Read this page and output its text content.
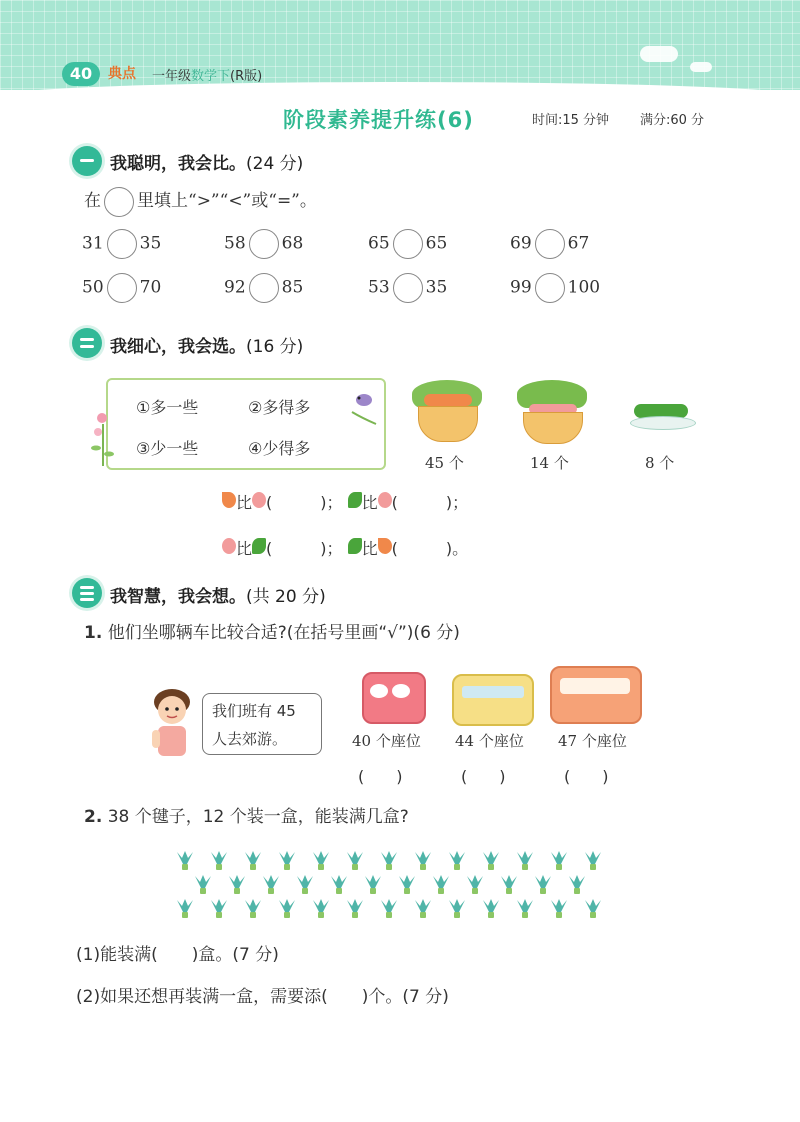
40	典点 一年级数学下(R版)
阶段素养提升练(6)	时间:15 分钟 满分:60 分
我聪明，我会比。(24 分)
在 里填上“>”“<”或“=”。
31 35	58 68	65 65	69 67
50 70	92 85	53 35	99 100
我细心，我会选。(16 分)
①多一些	②多得多
③少一些	④少得多
45 个	14 个	8 个
比 (　　　)； 比 (　　　)；
比 (　　　)； 比 (　　　)。
我智慧，我会想。(共 20 分)
1. 他们坐哪辆车比较合适?(在括号里画“√”)(6 分)
我们班有 45
人去郊游。	40 个座位 44 个座位 47 个座位
(　　)	(　　)	(　　)
2. 38 个毽子，12 个装一盒，能装满几盒?
(1)能装满(　　)盒。(7 分)
(2)如果还想再装满一盒，需要添(　　)个。(7 分)
